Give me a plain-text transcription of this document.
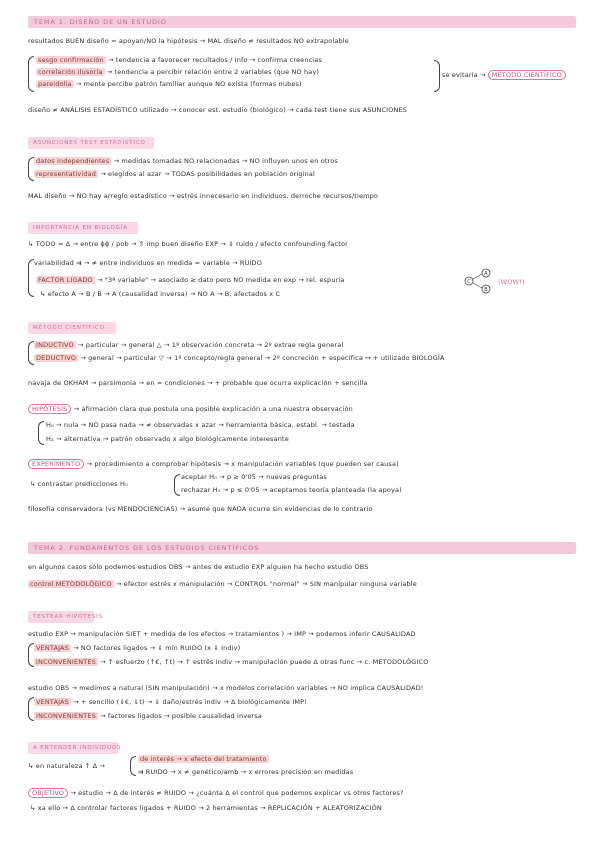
TEMA 1. DISEÑO DE UN ESTUDIO
resultados BUEN diseño = apoyan/NO la hipótesis → MAL diseño ≠ resultados NO extrapolable
sesgo confirmación → tendencia a favorecer recultados / info → confirma creencias
correlación ilusoria → tendencia a percibir relación entre 2 variables (que NO hay)
pareidolia → mente percibe patrón familiar aunque NO exista (formas nubes)
se evitaría → MÉTODO CIENTÍFICO
diseño ≠ ANÁLISIS ESTADÍSTICO utilizado → conocer est. estudio (biológico) → cada test tiene sus ASUNCIONES
ASUNCIONES TEST ESTADÍSTICO
datos independientes → medidas tomadas NO relacionadas → NO influyen unos en otros
representatividad → elegidos al azar → TODAS posibilidades en población original
MAL diseño → NO hay arreglo estadístico → estrés innecesario en individuos, derroche recursos/tiempo
IMPORTANCIA EN BIOLOGÍA
↳ TODO = Δ → entre ϕϕ / pob → ⇑ imp buen diseño EXP → ⇓ ruido / efecto confounding factor
variabilidad ⇉ → ≠ entre individuos en medida = variable → RUIDO
FACTOR LIGADO → "3ª variable" → asociado ≥ dato pero NO medida en exp → rel. espuria
↳ efecto A → B / B → A (causalidad inversa) → NO A → B, afectados x C
C
A
B
(WOW!)
MÉTODO CIENTÍFICO
INDUCTIVO → particular → general △ → 1º observación concreta → 2º extrae regla general
DEDUCTIVO → general → particular ▽ → 1º concepto/regla general → 2º concreción + específica ↦ + utilizado BIOLOGÍA
navaja de OKHAM → parsimonia → en = condiciones → + probable que ocurra explicación + sencilla
HIPÓTESIS → afirmación clara que postula una posible explicación a una nuestra observación
H₀ → nula → NO pasa nada → ≠ observadas x azar → herramienta básica, establ. → testada
H₁ → alternativa → patrón observado x algo biológicamente interesante
EXPERIMENTO → procedimiento a comprobar hipótesis → x manipulación variables (que pueden ser causa)
↳ contrastar predicciones H₀
aceptar H₀ → p ≥ 0'05 → nuevas preguntas
rechazar H₀ → p ≤ 0'05 → aceptamos teoría planteada (la apoya)
filosofía conservadora (vs MENDOCIENCIAS) → asume que NADA ocurre sin evidencias de lo contrario
TEMA 2. FUNDAMENTOS DE LOS ESTUDIOS CIENTÍFICOS
en algunos casos sólo podemos estudios OBS → antes de estudio EXP alguien ha hecho estudio OBS
control METODOLÓGICO → efector estrés x manipulación → CONTROL "normal" → SIN manipular ninguna variable
TESTEAR HIPÓTESIS
estudio EXP → manipulación SIET + medida de los efectos → tratamientos ) → IMP → podemos inferir CAUSALIDAD
VENTAJAS → NO factores ligados → ⇓ mín RUIDO (x ⇓ indiv)
INCONVENIENTES → ↑ esfuerzo (↑€, ↑t) → ↑ estrés indiv → manipulación puede Δ otras func → c. METODOLÓGICO
estudio OBS → medimos a natural (SIN manipulación) → x modelos correlación variables → NO implica CAUSALIDAD!
VENTAJAS → + sencillo (⇓€, ⇓t) → ⇓ daño/estrés indiv → Δ biológicamente IMP!
INCONVENIENTES → factores ligados → posible causalidad inversa
A ENTENDER INDIVIDUOS
↳ en naturaleza ↑ Δ →
de interés → x efecto del tratamiento
⇉ RUIDO → x ≠ genético/amb → x errores precisión en medidas
OBJETIVO → estudio → Δ de interés ≠ RUIDO → ¿cuánta Δ el control que podemos explicar vs otros factores?
↳ xa ello → Δ controlar factores ligados + RUIDO → 2 herramientas → REPLICACIÓN + ALEATORIZACIÓN
